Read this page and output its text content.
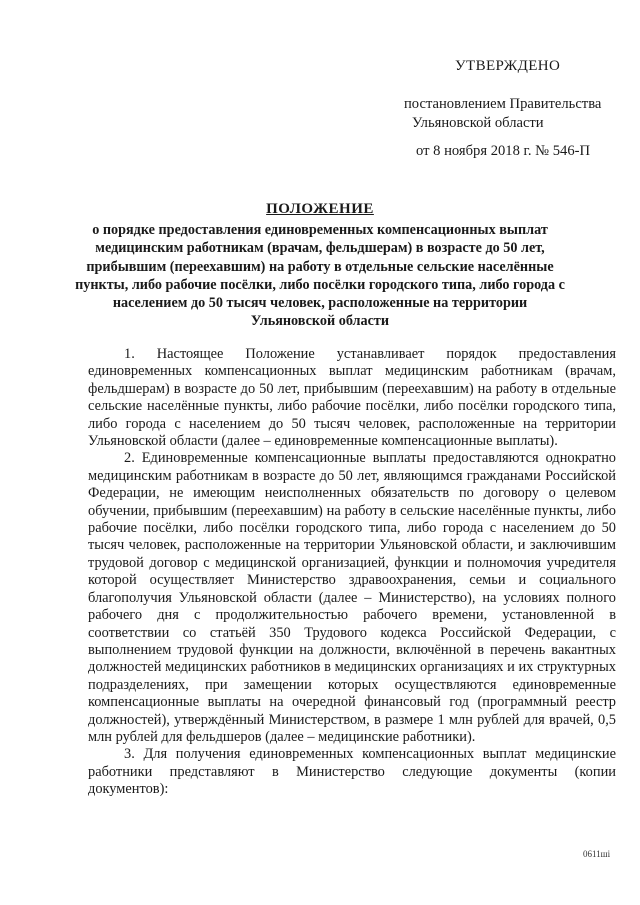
УТВЕРЖДЕНО
постановлением Правительства
Ульяновской области
от 8 ноября 2018 г. № 546-П
ПОЛОЖЕНИЕ
о порядке предоставления единовременных компенсационных выплат медицинским работникам (врачам, фельдшерам) в возрасте до 50 лет, прибывшим (переехавшим) на работу в отдельные сельские населённые пункты, либо рабочие посёлки, либо посёлки городского типа, либо города с населением до 50 тысяч человек, расположенные на территории Ульяновской области

1. Настоящее Положение устанавливает порядок предоставления единовременных компенсационных выплат медицинским работникам (врачам, фельдшерам) в возрасте до 50 лет, прибывшим (переехавшим) на работу в отдельные сельские населённые пункты, либо рабочие посёлки, либо посёлки городского типа, либо города с населением до 50 тысяч человек, расположенные на территории Ульяновской области (далее – единовременные компенсационные выплаты).

2. Единовременные компенсационные выплаты предоставляются однократно медицинским работникам в возрасте до 50 лет, являющимся гражданами Российской Федерации, не имеющим неисполненных обязательств по договору о целевом обучении, прибывшим (переехавшим) на работу в сельские населённые пункты, либо рабочие посёлки, либо посёлки городского типа, либо города с населением до 50 тысяч человек, расположенные на территории Ульяновской области, и заключившим трудовой договор с медицинской организацией, функции и полномочия учредителя которой осуществляет Министерство здравоохранения, семьи и социального благополучия Ульяновской области (далее – Министерство), на условиях полного рабочего дня с продолжительностью рабочего времени, установленной в соответствии со статьёй 350 Трудового кодекса Российской Федерации, с выполнением трудовой функции на должности, включённой в перечень вакантных должностей медицинских работников в медицинских организациях и их структурных подразделениях, при замещении которых осуществляются единовременные компенсационные выплаты на очередной финансовый год (программный реестр должностей), утверждённый Министерством, в размере 1 млн рублей для врачей, 0,5 млн рублей для фельдшеров (далее – медицинские работники).

3. Для получения единовременных компенсационных выплат медицинские работники представляют в Министерство следующие документы (копии документов):

0611ші
